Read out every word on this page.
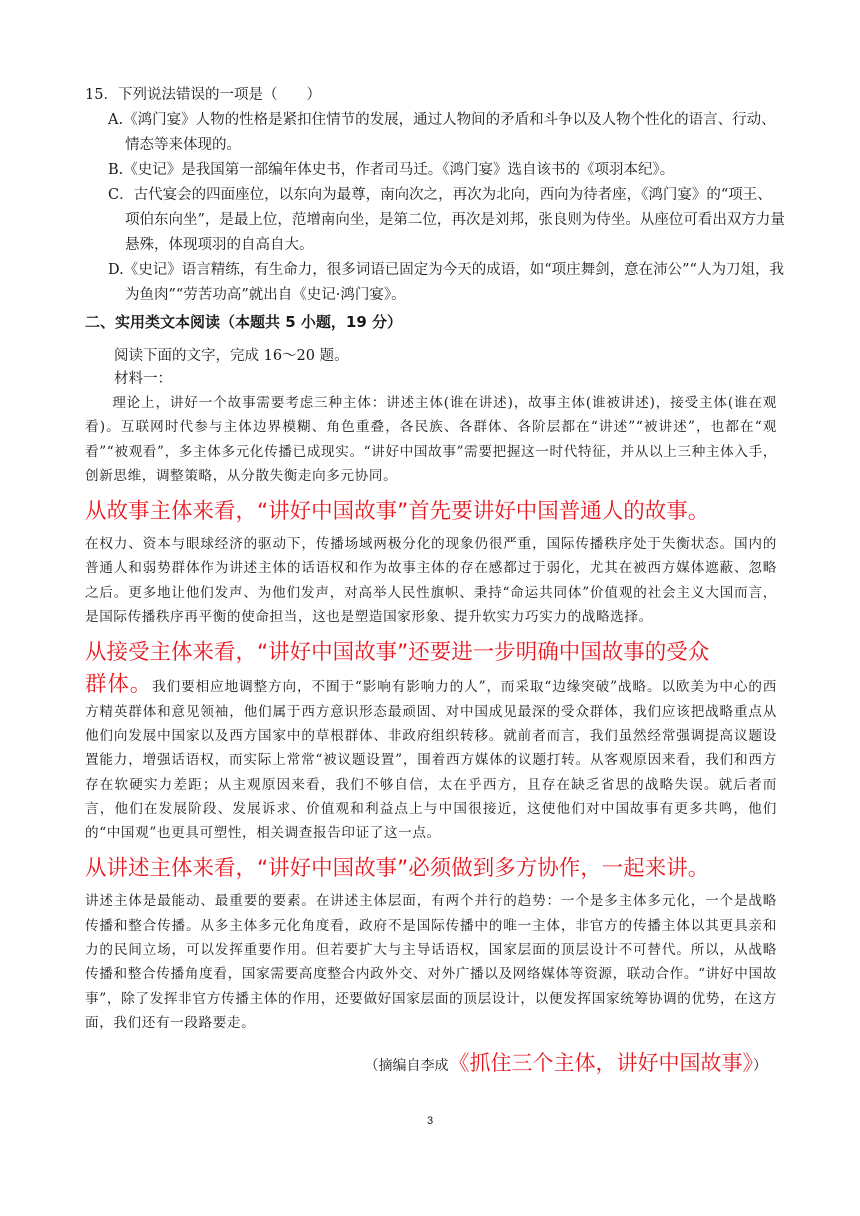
15．下列说法错误的一项是（　　）

A.《鸿门宴》人物的性格是紧扣住情节的发展，通过人物间的矛盾和斗争以及人物个性化的语言、行动、情态等来体现的。

B.《史记》是我国第一部编年体史书，作者司马迁。《鸿门宴》选自该书的《项羽本纪》。

C．古代宴会的四面座位，以东向为最尊，南向次之，再次为北向，西向为待者座，《鸿门宴》的“项王、项伯东向坐”，是最上位，范增南向坐，是第二位，再次是刘邦，张良则为侍坐。从座位可看出双方力量悬殊，体现项羽的自高自大。

D.《史记》语言精练，有生命力，很多词语已固定为今天的成语，如“项庄舞剑，意在沛公”“人为刀俎，我为鱼肉”“劳苦功高”就出自《史记·鸿门宴》。

二、实用类文本阅读（本题共 5 小题，19 分）

阅读下面的文字，完成 16～20 题。

材料一：

理论上，讲好一个故事需要考虑三种主体：讲述主体(谁在讲述)，故事主体(谁被讲述)，接受主体(谁在观看)。互联网时代参与主体边界模糊、角色重叠，各民族、各群体、各阶层都在“讲述”“被讲述”，也都在“观看”“被观看”，多主体多元化传播已成现实。“讲好中国故事”需要把握这一时代特征，并从以上三种主体入手，创新思维，调整策略，从分散失衡走向多元协同。

从故事主体来看，“讲好中国故事”首先要讲好中国普通人的故事。

在权力、资本与眼球经济的驱动下，传播场域两极分化的现象仍很严重，国际传播秩序处于失衡状态。国内的普通人和弱势群体作为讲述主体的话语权和作为故事主体的存在感都过于弱化，尤其在被西方媒体遮蔽、忽略之后。更多地让他们发声、为他们发声，对高举人民性旗帜、秉持“命运共同体”价值观的社会主义大国而言，是国际传播秩序再平衡的使命担当，这也是塑造国家形象、提升软实力巧实力的战略选择。

从接受主体来看，“讲好中国故事”还要进一步明确中国故事的受众

群体。我们要相应地调整方向，不囿于“影响有影响力的人”，而采取“边缘突破”战略。以欧美为中心的西方精英群体和意见领袖，他们属于西方意识形态最顽固、对中国成见最深的受众群体，我们应该把战略重点从他们向发展中国家以及西方国家中的草根群体、非政府组织转移。就前者而言，我们虽然经常强调提高议题设置能力，增强话语权，而实际上常常“被议题设置”，围着西方媒体的议题打转。从客观原因来看，我们和西方存在软硬实力差距；从主观原因来看，我们不够自信，太在乎西方，且存在缺乏省思的战略失误。就后者而言，他们在发展阶段、发展诉求、价值观和利益点上与中国很接近，这使他们对中国故事有更多共鸣，他们的“中国观”也更具可塑性，相关调查报告印证了这一点。

从讲述主体来看，“讲好中国故事”必须做到多方协作，一起来讲。

讲述主体是最能动、最重要的要素。在讲述主体层面，有两个并行的趋势：一个是多主体多元化，一个是战略传播和整合传播。从多主体多元化角度看，政府不是国际传播中的唯一主体，非官方的传播主体以其更具亲和力的民间立场，可以发挥重要作用。但若要扩大与主导话语权，国家层面的顶层设计不可替代。所以，从战略传播和整合传播角度看，国家需要高度整合内政外交、对外广播以及网络媒体等资源，联动合作。“讲好中国故事”，除了发挥非官方传播主体的作用，还要做好国家层面的顶层设计，以便发挥国家统筹协调的优势，在这方面，我们还有一段路要走。

（摘编自李成《抓住三个主体，讲好中国故事》）

3
